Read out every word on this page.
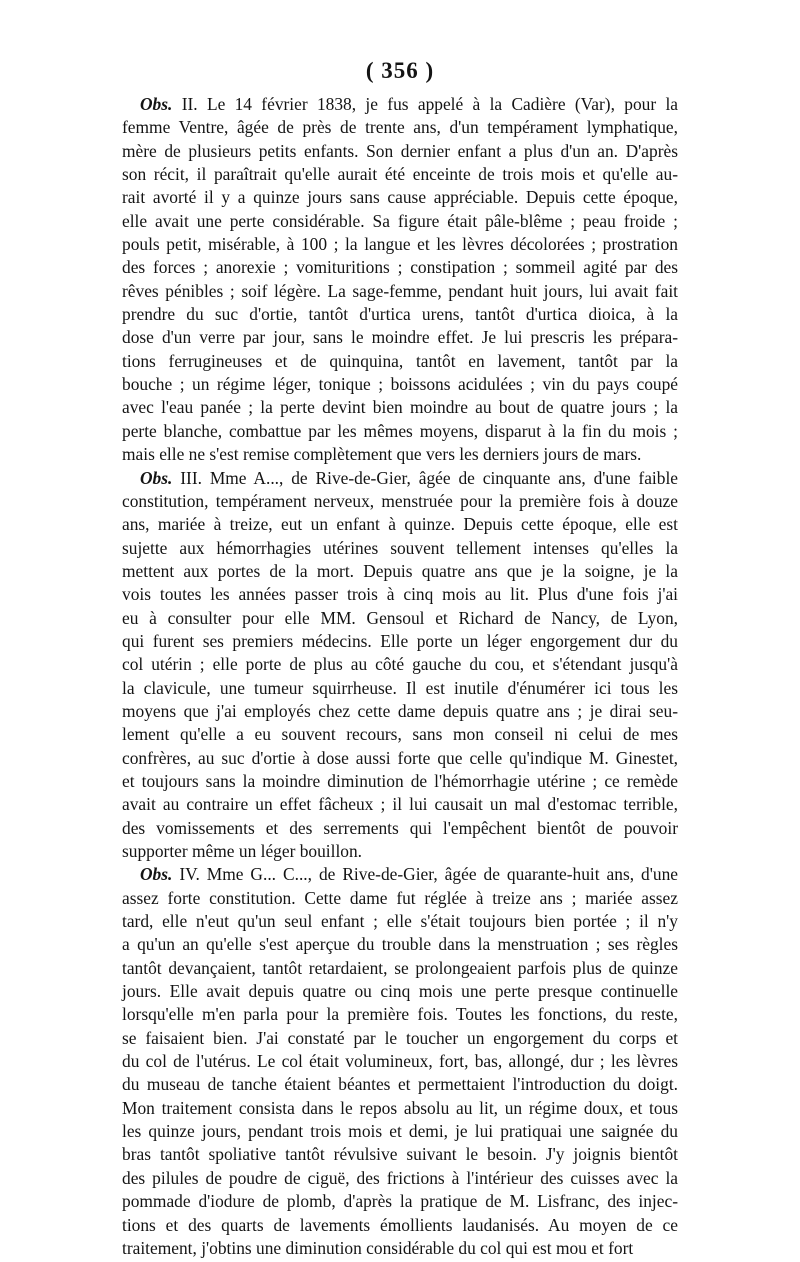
( 356 )
Obs. II. Le 14 février 1838, je fus appelé à la Cadière (Var), pour la
femme Ventre, âgée de près de trente ans, d'un tempérament lymphatique,
mère de plusieurs petits enfants. Son dernier enfant a plus d'un an. D'après
son récit, il paraîtrait qu'elle aurait été enceinte de trois mois et qu'elle au-
rait avorté il y a quinze jours sans cause appréciable. Depuis cette époque,
elle avait une perte considérable. Sa figure était pâle-blême ; peau froide ;
pouls petit, misérable, à 100 ; la langue et les lèvres décolorées ; prostration
des forces ; anorexie ; vomituritions ; constipation ; sommeil agité par des
rêves pénibles ; soif légère. La sage-femme, pendant huit jours, lui avait fait
prendre du suc d'ortie, tantôt d'urtica urens, tantôt d'urtica dioica, à la
dose d'un verre par jour, sans le moindre effet. Je lui prescris les prépara-
tions ferrugineuses et de quinquina, tantôt en lavement, tantôt par la
bouche ; un régime léger, tonique ; boissons acidulées ; vin du pays coupé
avec l'eau panée ; la perte devint bien moindre au bout de quatre jours ; la
perte blanche, combattue par les mêmes moyens, disparut à la fin du mois ;
mais elle ne s'est remise complètement que vers les derniers jours de mars.
Obs. III. Mme A..., de Rive-de-Gier, âgée de cinquante ans, d'une faible
constitution, tempérament nerveux, menstruée pour la première fois à douze
ans, mariée à treize, eut un enfant à quinze. Depuis cette époque, elle est
sujette aux hémorrhagies utérines souvent tellement intenses qu'elles la
mettent aux portes de la mort. Depuis quatre ans que je la soigne, je la
vois toutes les années passer trois à cinq mois au lit. Plus d'une fois j'ai
eu à consulter pour elle MM. Gensoul et Richard de Nancy, de Lyon,
qui furent ses premiers médecins. Elle porte un léger engorgement dur du
col utérin ; elle porte de plus au côté gauche du cou, et s'étendant jusqu'à
la clavicule, une tumeur squirrheuse. Il est inutile d'énumérer ici tous les
moyens que j'ai employés chez cette dame depuis quatre ans ; je dirai seu-
lement qu'elle a eu souvent recours, sans mon conseil ni celui de mes
confrères, au suc d'ortie à dose aussi forte que celle qu'indique M. Ginestet,
et toujours sans la moindre diminution de l'hémorrhagie utérine ; ce remède
avait au contraire un effet fâcheux ; il lui causait un mal d'estomac terrible,
des vomissements et des serrements qui l'empêchent bientôt de pouvoir
supporter même un léger bouillon.
Obs. IV. Mme G... C..., de Rive-de-Gier, âgée de quarante-huit ans, d'une
assez forte constitution. Cette dame fut réglée à treize ans ; mariée assez
tard, elle n'eut qu'un seul enfant ; elle s'était toujours bien portée ; il n'y
a qu'un an qu'elle s'est aperçue du trouble dans la menstruation ; ses règles
tantôt devançaient, tantôt retardaient, se prolongeaient parfois plus de quinze
jours. Elle avait depuis quatre ou cinq mois une perte presque continuelle
lorsqu'elle m'en parla pour la première fois. Toutes les fonctions, du reste,
se faisaient bien. J'ai constaté par le toucher un engorgement du corps et
du col de l'utérus. Le col était volumineux, fort, bas, allongé, dur ; les lèvres
du museau de tanche étaient béantes et permettaient l'introduction du doigt.
Mon traitement consista dans le repos absolu au lit, un régime doux, et tous
les quinze jours, pendant trois mois et demi, je lui pratiquai une saignée du
bras tantôt spoliative tantôt révulsive suivant le besoin. J'y joignis bientôt
des pilules de poudre de ciguë, des frictions à l'intérieur des cuisses avec la
pommade d'iodure de plomb, d'après la pratique de M. Lisfranc, des injec-
tions et des quarts de lavements émollients laudanisés. Au moyen de ce
traitement, j'obtins une diminution considérable du col qui est mou et fort
